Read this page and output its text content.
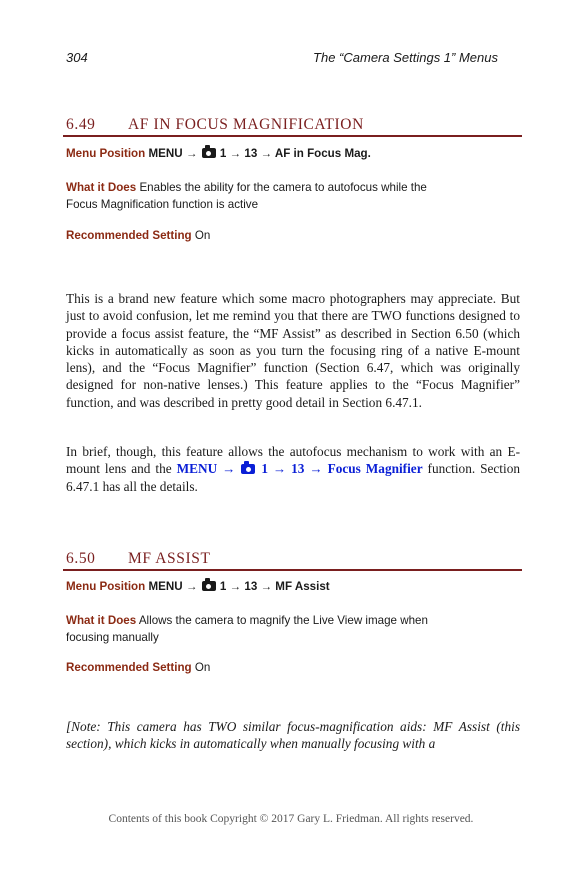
304	The “Camera Settings 1” Menus
6.49 AF IN FOCUS MAGNIFICATION
Menu Position MENU → 1 → 13 → AF in Focus Mag.
What it Does Enables the ability for the camera to autofocus while the
Focus Magnification function is active
Recommended Setting On

This is a brand new feature which some macro photographers may appreciate. But just to avoid confusion, let me remind you that there are TWO functions designed to provide a focus assist feature, the “MF Assist” as described in Section 6.50 (which kicks in automatically as soon as you turn the focusing ring of a native E-mount lens), and the “Focus Magnifier” function (Section 6.47, which was originally designed for non-native lenses.) This feature applies to the “Focus Magnifier” function, and was described in pretty good detail in Section 6.47.1.

In brief, though, this feature allows the autofocus mechanism to work with an E-mount lens and the MENU → 1 → 13 → Focus Magnifier function. Section 6.47.1 has all the details.

6.50 MF ASSIST
Menu Position MENU → 1 → 13 → MF Assist
What it Does Allows the camera to magnify the Live View image when
focusing manually
Recommended Setting On

[Note: This camera has TWO similar focus-magnification aids: MF Assist (this section), which kicks in automatically when manually focusing with a

Contents of this book Copyright © 2017 Gary L. Friedman. All rights reserved.
